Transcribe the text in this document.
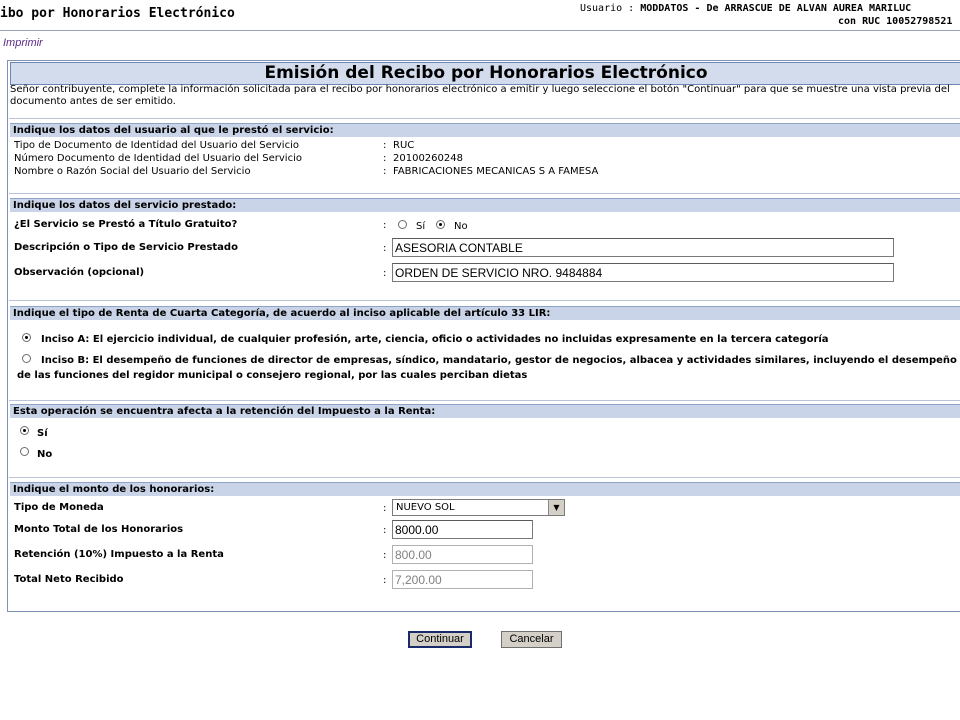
ibo por Honorarios Electrónico	Usuario : MODDATOS - De ARRASCUE DE ALVAN AUREA MARILUC
con RUC 10052798521
Imprimir
Emisión del Recibo por Honorarios Electrónico
Señor contribuyente, complete la información solicitada para el recibo por honorarios electrónico a emitir y luego seleccione el botón "Continuar" para que se muestre una vista previa del documento antes de ser emitido.
Indique los datos del usuario al que le prestó el servicio:
Tipo de Documento de Identidad del Usuario del Servicio	: RUC
Número Documento de Identidad del Usuario del Servicio	: 20100260248
Nombre o Razón Social del Usuario del Servicio	: FABRICACIONES MECANICAS S A FAMESA
Indique los datos del servicio prestado:
¿El Servicio se Prestó a Título Gratuito?	:	Sí	No
Descripción o Tipo de Servicio Prestado	: ASESORIA CONTABLE
Observación (opcional)	: ORDEN DE SERVICIO NRO. 9484884
Indique el tipo de Renta de Cuarta Categoría, de acuerdo al inciso aplicable del artículo 33 LIR:
Inciso A: El ejercicio individual, de cualquier profesión, arte, ciencia, oficio o actividades no incluidas expresamente en la tercera categoría
Inciso B: El desempeño de funciones de director de empresas, síndico, mandatario, gestor de negocios, albacea y actividades similares, incluyendo el desempeño
de las funciones del regidor municipal o consejero regional, por las cuales perciban dietas
Esta operación se encuentra afecta a la retención del Impuesto a la Renta:
Sí
No
Indique el monto de los honorarios:
Tipo de Moneda	: NUEVO SOL	▼
Monto Total de los Honorarios	: 8000.00
Retención (10%) Impuesto a la Renta	: 800.00
Total Neto Recibido	: 7,200.00
Continuar	Cancelar
